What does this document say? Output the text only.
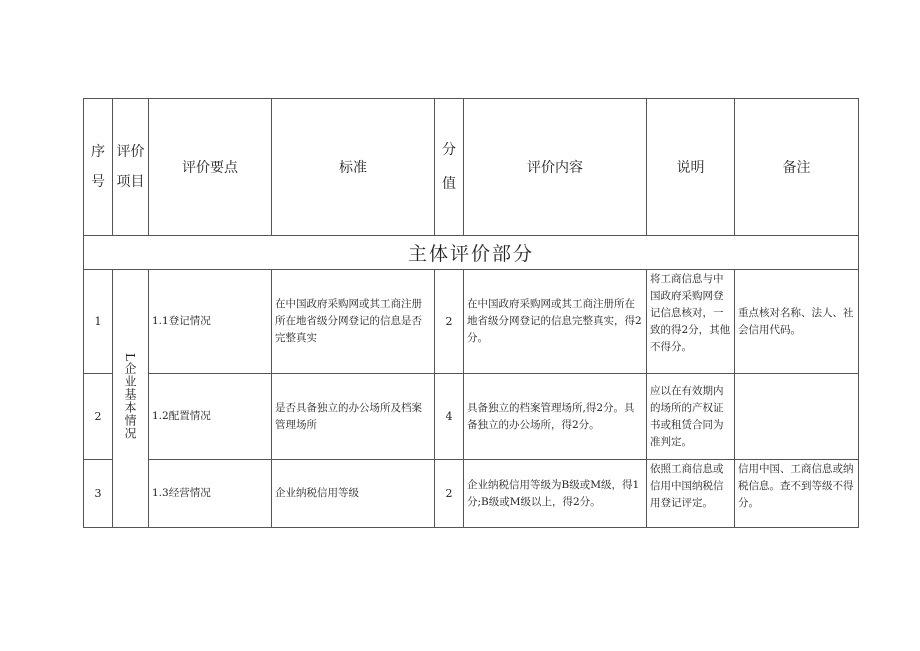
序号	评价项目	评价要点	标准	分值	评价内容	说明	备注
主体评价部分							
1	L企业基本情况	1.1登记情况	在中国政府采购网或其工商注册所在地省级分网登记的信息是否完整真实	2	在中国政府采购网或其工商注册所在地省级分网登记的信息完整真实，得2分。	将工商信息与中国政府采购网登记信息核对，一致的得2分，其他不得分。	重点核对名称、法人、社会信用代码。
2		1.2配置情况	是否具备独立的办公场所及档案管理场所	4	具备独立的档案管理场所,得2分。具备独立的办公场所，得2分。	应以在有效期内的场所的产权证书或租赁合同为准判定。	
3		1.3经营情况	企业纳税信用等级	2	企业纳税信用等级为B级或M级，得1分;B级或M级以上，得2分。	依照工商信息或信用中国纳税信用登记评定。	信用中国、工商信息或纳税信息。查不到等级不得分。
